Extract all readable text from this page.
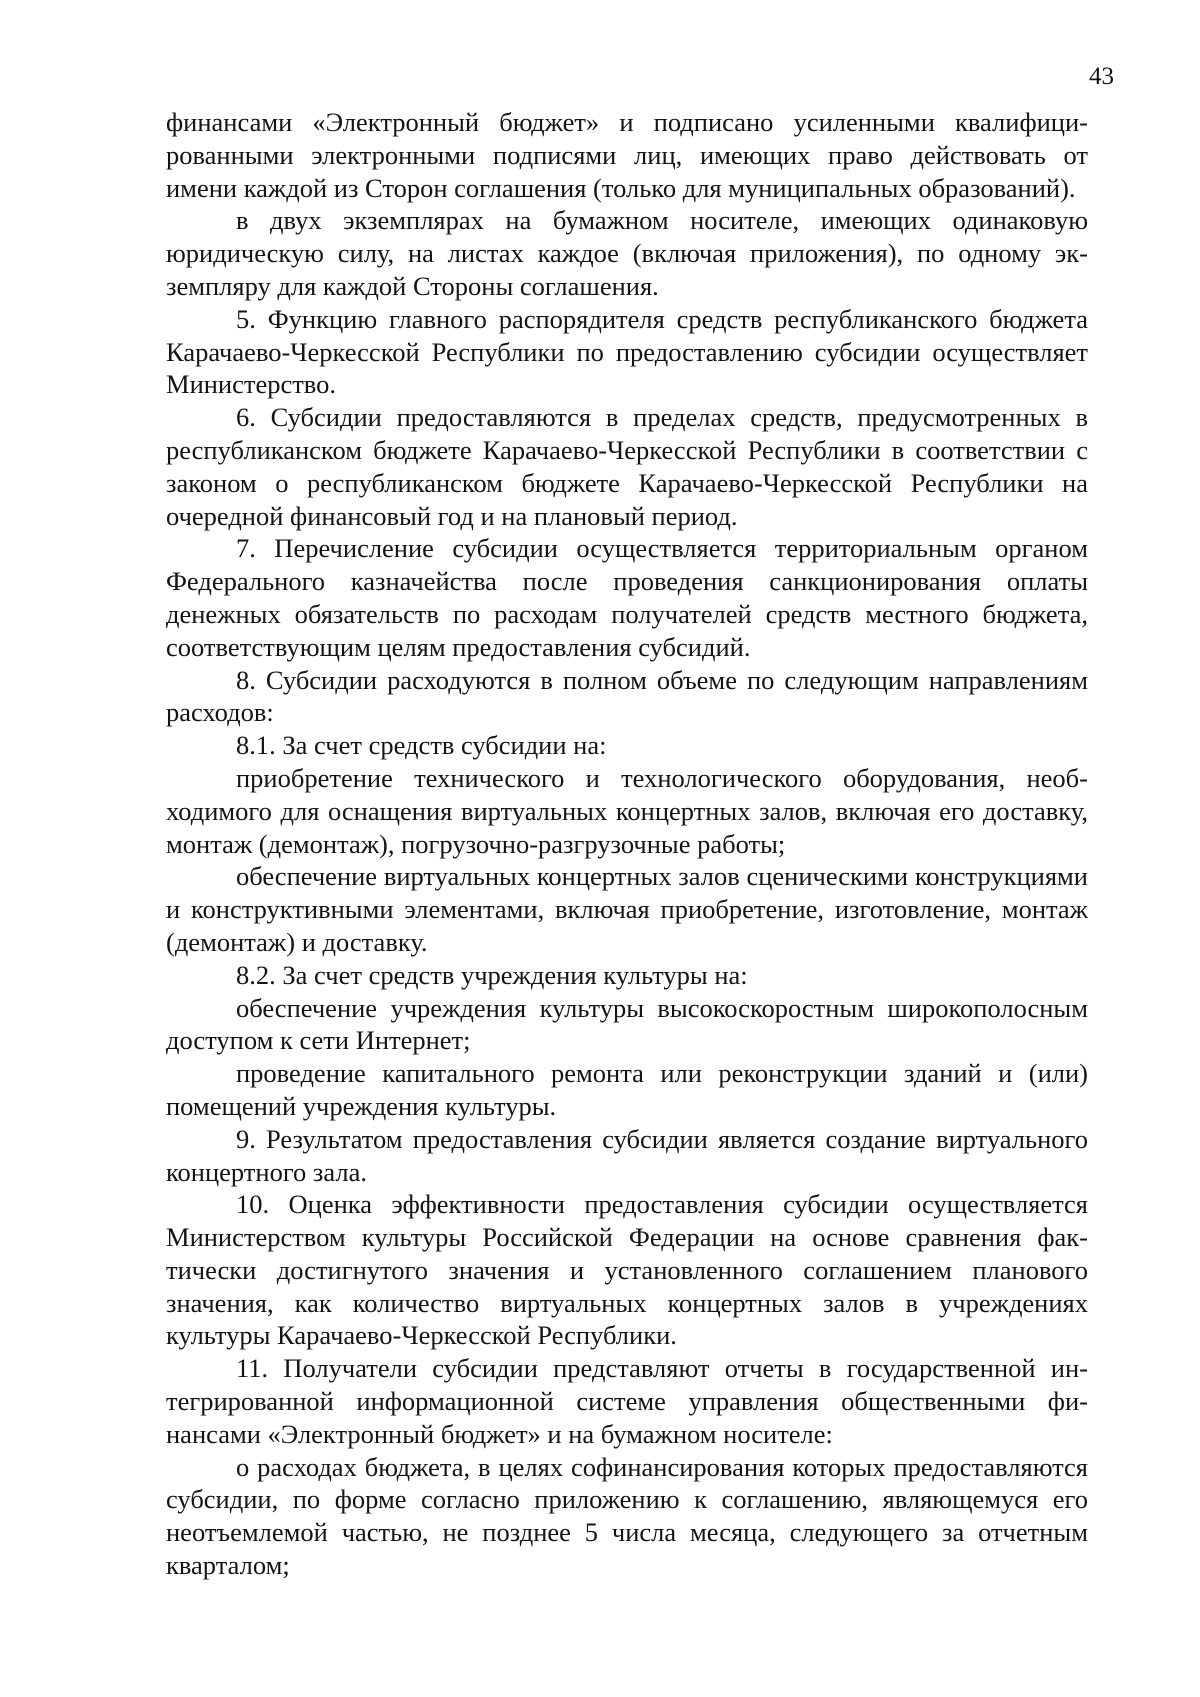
43

финансами «Электронный бюджет» и подписано усиленными квалифицированными электронными подписями лиц, имеющих право действовать от имени каждой из Сторон соглашения (только для муниципальных образований).

в двух экземплярах на бумажном носителе, имеющих одинаковую юридическую силу, на листах каждое (включая приложения), по одному экземпляру для каждой Стороны соглашения.

5. Функцию главного распорядителя средств республиканского бюджета Карачаево-Черкесской Республики по предоставлению субсидии осуществляет Министерство.

6. Субсидии предоставляются в пределах средств, предусмотренных в республиканском бюджете Карачаево-Черкесской Республики в соответствии с законом о республиканском бюджете Карачаево-Черкесской Республики на очередной финансовый год и на плановый период.

7. Перечисление субсидии осуществляется территориальным органом Федерального казначейства после проведения санкционирования оплаты денежных обязательств по расходам получателей средств местного бюджета, соответствующим целям предоставления субсидий.

8. Субсидии расходуются в полном объеме по следующим направлениям расходов:

8.1. За счет средств субсидии на:

приобретение технического и технологического оборудования, необходимого для оснащения виртуальных концертных залов, включая его доставку, монтаж (демонтаж), погрузочно-разгрузочные работы;

обеспечение виртуальных концертных залов сценическими конструкциями и конструктивными элементами, включая приобретение, изготовление, монтаж (демонтаж) и доставку.

8.2. За счет средств учреждения культуры на:

обеспечение учреждения культуры высокоскоростным широкополосным доступом к сети Интернет;

проведение капитального ремонта или реконструкции зданий и (или) помещений учреждения культуры.

9. Результатом предоставления субсидии является создание виртуального концертного зала.

10. Оценка эффективности предоставления субсидии осуществляется Министерством культуры Российской Федерации на основе сравнения фактически достигнутого значения и установленного соглашением планового значения, как количество виртуальных концертных залов в учреждениях культуры Карачаево-Черкесской Республики.

11. Получатели субсидии представляют отчеты в государственной интегрированной информационной системе управления общественными финансами «Электронный бюджет» и на бумажном носителе:

о расходах бюджета, в целях софинансирования которых предоставляются субсидии, по форме согласно приложению к соглашению, являющемуся его неотъемлемой частью, не позднее 5 числа месяца, следующего за отчетным кварталом;
